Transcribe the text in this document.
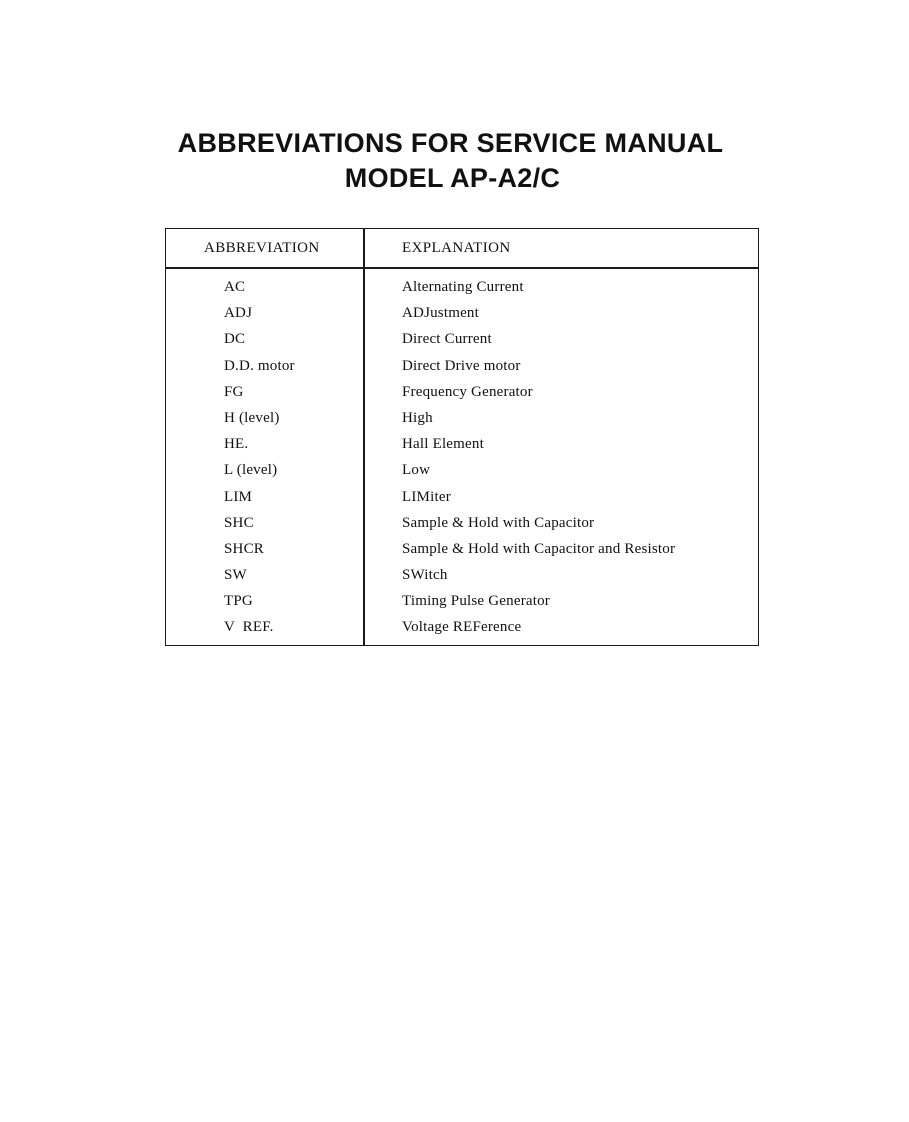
ABBREVIATIONS FOR SERVICE MANUAL
MODEL AP-A2/C
ABBREVIATION	EXPLANATION
AC	Alternating Current
ADJ	ADJustment
DC	Direct Current
D.D. motor	Direct Drive motor
FG	Frequency Generator
H (level)	High
HE.	Hall Element
L (level)	Low
LIM	LIMiter
SHC	Sample & Hold with Capacitor
SHCR	Sample & Hold with Capacitor and Resistor
SW	SWitch
TPG	Timing Pulse Generator
V  REF.	Voltage REFerence
